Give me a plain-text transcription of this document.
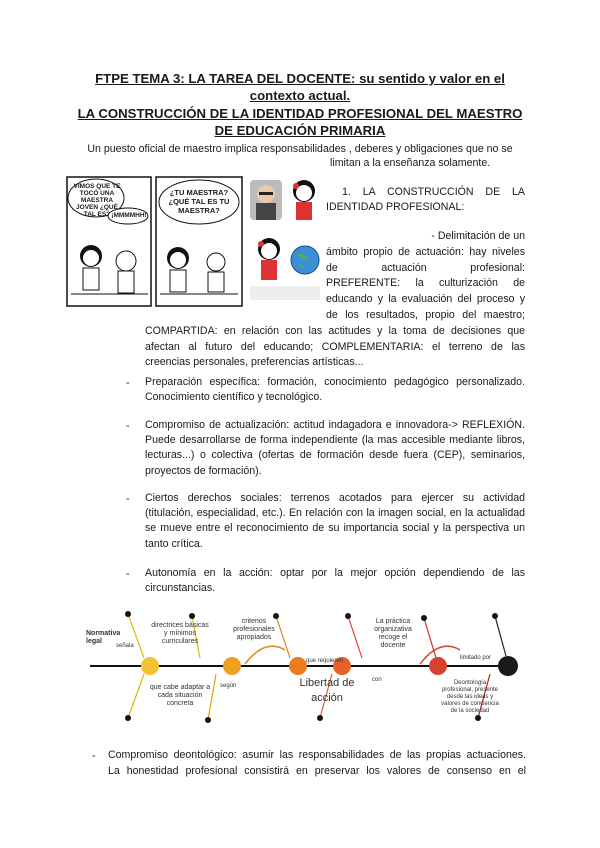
FTPE TEMA 3: LA TAREA DEL DOCENTE: su sentido y valor en el
contexto actual.
LA CONSTRUCCIÓN DE LA IDENTIDAD PROFESIONAL DEL MAESTRO
DE EDUCACIÓN PRIMARIA
Un puesto oficial de maestro implica responsabilidades , deberes y obligaciones que no se
limitan a la enseñanza solamente.
VIMOS QUE TE TOCÓ UNA MAESTRA JOVEN ¿QUÉ TAL ES? ¡MMMMHH!
¿TU MAESTRA? ¿QUÉ TAL ES TU MAESTRA?
1. LA CONSTRUCCIÓN DE LA
IDENTIDAD PROFESIONAL:
- Delimitación de un
ámbito propio de actuación: hay niveles
de actuación profesional:
PREFERENTE: la culturización de
educando y la evaluación del proceso y
de los resultados, propio del maestro;
COMPARTIDA: en relación con las actitudes y la toma de decisiones que
afectan al futuro del educando; COMPLEMENTARIA: el terreno de las
creencias personales, preferencias artísticas...
- Preparación específica: formación, conocimiento pedagógico personalizado. Conocimiento científico y tecnológico.
- Compromiso de actualización: actitud indagadora e innovadora-> REFLEXIÓN. Puede desarrollarse de forma independiente (la mas accesible mediante libros, lecturas...) o colectiva (ofertas de formación desde fuera (CEP), seminarios, proyectos de formación).
- Ciertos derechos sociales: terrenos acotados para ejercer su actividad (titulación, especialidad, etc.). En relación con la imagen social, en la actualidad se mueve entre el reconocimiento de su importancia social y la perspectiva un tanto crítica.
- Autonomía en la acción: optar por la mejor opción dependiendo de las circunstancias.
Normativa legal
señala
directrices básicas y mínimos curriculares
que cabe adaptar a cada situación concreta
criterios profesionales apropiados
según
que requieren
Libertad de acción
con
La práctica organizativa recoge el docente
limitado por
Deontología profesional, presente desde las ideas y valores de conciencia de la sociedad
- Compromiso deontológico: asumir las responsabilidades de las propias actuaciones.
La honestidad profesional consistirá en preservar los valores de consenso en el
